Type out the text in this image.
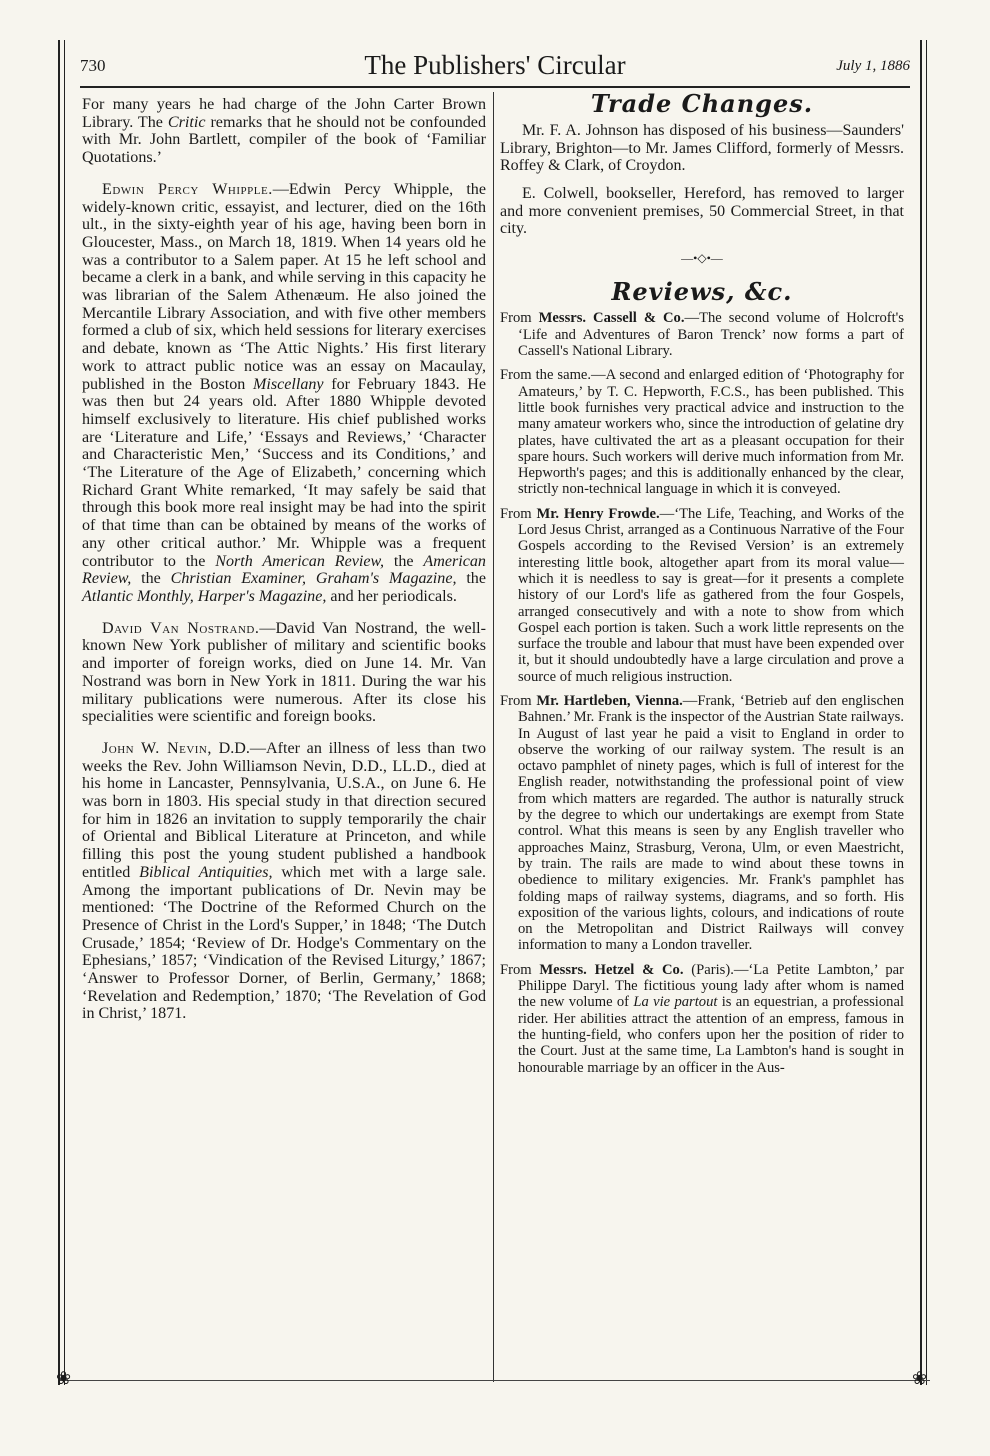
730	The Publishers' Circular	July 1, 1886

For many years he had charge of the John Carter Brown Library. The Critic remarks that he should not be confounded with Mr. John Bartlett, compiler of the book of ‘Familiar Quotations.’

Edwin Percy Whipple.—Edwin Percy Whipple, the widely-known critic, essayist, and lecturer, died on the 16th ult., in the sixty-eighth year of his age, having been born in Gloucester, Mass., on March 18, 1819. When 14 years old he was a contributor to a Salem paper. At 15 he left school and became a clerk in a bank, and while serving in this capacity he was librarian of the Salem Athenæum. He also joined the Mercantile Library Association, and with five other members formed a club of six, which held sessions for literary exercises and debate, known as ‘The Attic Nights.’ His first literary work to attract public notice was an essay on Macaulay, published in the Boston Miscellany for February 1843. He was then but 24 years old. After 1880 Whipple devoted himself exclusively to literature. His chief published works are ‘Literature and Life,’ ‘Essays and Reviews,’ ‘Character and Characteristic Men,’ ‘Success and its Conditions,’ and ‘The Literature of the Age of Elizabeth,’ concerning which Richard Grant White remarked, ‘It may safely be said that through this book more real insight may be had into the spirit of that time than can be obtained by means of the works of any other critical author.’ Mr. Whipple was a frequent contributor to the North American Review, the American Review, the Christian Examiner, Graham's Magazine, the Atlantic Monthly, Harper's Magazine, and her periodicals.

David Van Nostrand.—David Van Nostrand, the well-known New York publisher of military and scientific books and importer of foreign works, died on June 14. Mr. Van Nostrand was born in New York in 1811. During the war his military publications were numerous. After its close his specialities were scientific and foreign books.

John W. Nevin, D.D.—After an illness of less than two weeks the Rev. John Williamson Nevin, D.D., LL.D., died at his home in Lancaster, Pennsylvania, U.S.A., on June 6. He was born in 1803. His special study in that direction secured for him in 1826 an invitation to supply temporarily the chair of Oriental and Biblical Literature at Princeton, and while filling this post the young student published a handbook entitled Biblical Antiquities, which met with a large sale. Among the important publications of Dr. Nevin may be mentioned: ‘The Doctrine of the Reformed Church on the Presence of Christ in the Lord's Supper,’ in 1848; ‘The Dutch Crusade,’ 1854; ‘Review of Dr. Hodge's Commentary on the Ephesians,’ 1857; ‘Vindication of the Revised Liturgy,’ 1867; ‘Answer to Professor Dorner, of Berlin, Germany,’ 1868; ‘Revelation and Redemption,’ 1870; ‘The Revelation of God in Christ,’ 1871.

Trade Changes.

Mr. F. A. Johnson has disposed of his business—Saunders' Library, Brighton—to Mr. James Clifford, formerly of Messrs. Roffey & Clark, of Croydon.

E. Colwell, bookseller, Hereford, has removed to larger and more convenient premises, 50 Commercial Street, in that city.

—•◇•—
Reviews, &c.
From Messrs. Cassell & Co.—The second volume of Holcroft's ‘Life and Adventures of Baron Trenck’ now forms a part of Cassell's National Library.
From the same.—A second and enlarged edition of ‘Photography for Amateurs,’ by T. C. Hepworth, F.C.S., has been published. This little book furnishes very practical advice and instruction to the many amateur workers who, since the introduction of gelatine dry plates, have cultivated the art as a pleasant occupation for their spare hours. Such workers will derive much information from Mr. Hepworth's pages; and this is additionally enhanced by the clear, strictly non-technical language in which it is conveyed.
From Mr. Henry Frowde.—‘The Life, Teaching, and Works of the Lord Jesus Christ, arranged as a Continuous Narrative of the Four Gospels according to the Revised Version’ is an extremely interesting little book, altogether apart from its moral value—which it is needless to say is great—for it presents a complete history of our Lord's life as gathered from the four Gospels, arranged consecutively and with a note to show from which Gospel each portion is taken. Such a work little represents on the surface the trouble and labour that must have been expended over it, but it should undoubtedly have a large circulation and prove a source of much religious instruction.
From Mr. Hartleben, Vienna.—Frank, ‘Betrieb auf den englischen Bahnen.’ Mr. Frank is the inspector of the Austrian State railways. In August of last year he paid a visit to England in order to observe the working of our railway system. The result is an octavo pamphlet of ninety pages, which is full of interest for the English reader, notwithstanding the professional point of view from which matters are regarded. The author is naturally struck by the degree to which our undertakings are exempt from State control. What this means is seen by any English traveller who approaches Mainz, Strasburg, Verona, Ulm, or even Maestricht, by train. The rails are made to wind about these towns in obedience to military exigencies. Mr. Frank's pamphlet has folding maps of railway systems, diagrams, and so forth. His exposition of the various lights, colours, and indications of route on the Metropolitan and District Railways will convey information to many a London traveller.
From Messrs. Hetzel & Co. (Paris).—‘La Petite Lambton,’ par Philippe Daryl. The fictitious young lady after whom is named the new volume of La vie partout is an equestrian, a professional rider. Her abilities attract the attention of an empress, famous in the hunting-field, who confers upon her the position of rider to the Court. Just at the same time, La Lambton's hand is sought in honourable marriage by an officer in the Aus-
❀	❀
